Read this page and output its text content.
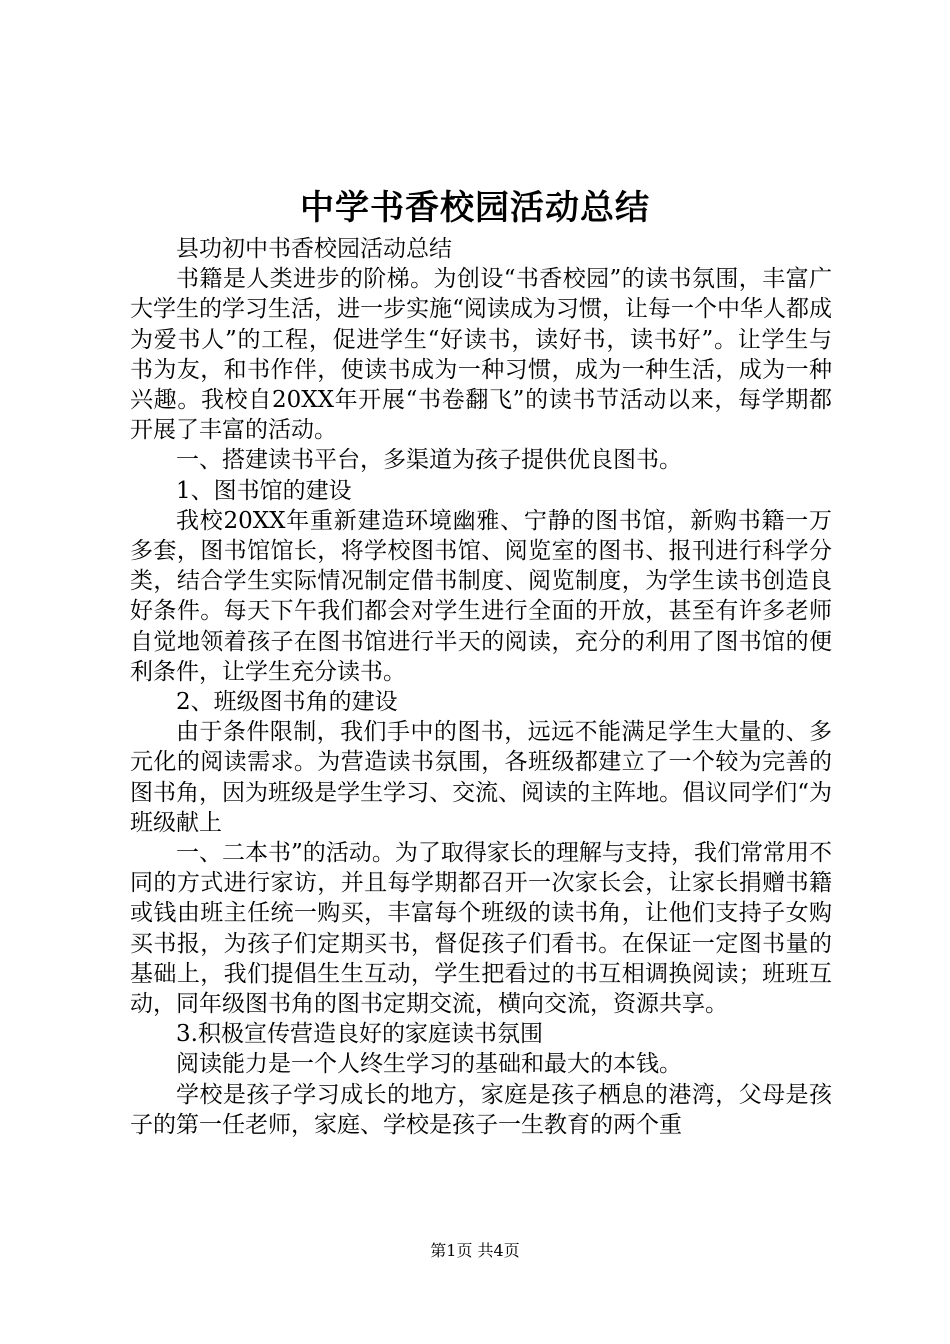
中学书香校园活动总结

县功初中书香校园活动总结

书籍是人类进步的阶梯。为创设“书香校园”的读书氛围，丰富广大学生的学习生活，进一步实施“阅读成为习惯，让每一个中华人都成为爱书人”的工程，促进学生“好读书，读好书，读书好”。让学生与书为友，和书作伴，使读书成为一种习惯，成为一种生活，成为一种兴趣。我校自20XX年开展“书卷翻飞”的读书节活动以来，每学期都开展了丰富的活动。

一、搭建读书平台，多渠道为孩子提供优良图书。

1、图书馆的建设

我校20XX年重新建造环境幽雅、宁静的图书馆，新购书籍一万多套，图书馆馆长，将学校图书馆、阅览室的图书、报刊进行科学分类，结合学生实际情况制定借书制度、阅览制度，为学生读书创造良好条件。每天下午我们都会对学生进行全面的开放，甚至有许多老师自觉地领着孩子在图书馆进行半天的阅读，充分的利用了图书馆的便利条件，让学生充分读书。

2、班级图书角的建设

由于条件限制，我们手中的图书，远远不能满足学生大量的、多元化的阅读需求。为营造读书氛围，各班级都建立了一个较为完善的图书角，因为班级是学生学习、交流、阅读的主阵地。倡议同学们“为班级献上

一、二本书”的活动。为了取得家长的理解与支持，我们常常用不同的方式进行家访，并且每学期都召开一次家长会，让家长捐赠书籍或钱由班主任统一购买，丰富每个班级的读书角，让他们支持子女购买书报，为孩子们定期买书，督促孩子们看书。在保证一定图书量的基础上，我们提倡生生互动，学生把看过的书互相调换阅读；班班互动，同年级图书角的图书定期交流，横向交流，资源共享。

3.积极宣传营造良好的家庭读书氛围

阅读能力是一个人终生学习的基础和最大的本钱。

学校是孩子学习成长的地方，家庭是孩子栖息的港湾，父母是孩子的第一任老师，家庭、学校是孩子一生教育的两个重

第1页 共4页
